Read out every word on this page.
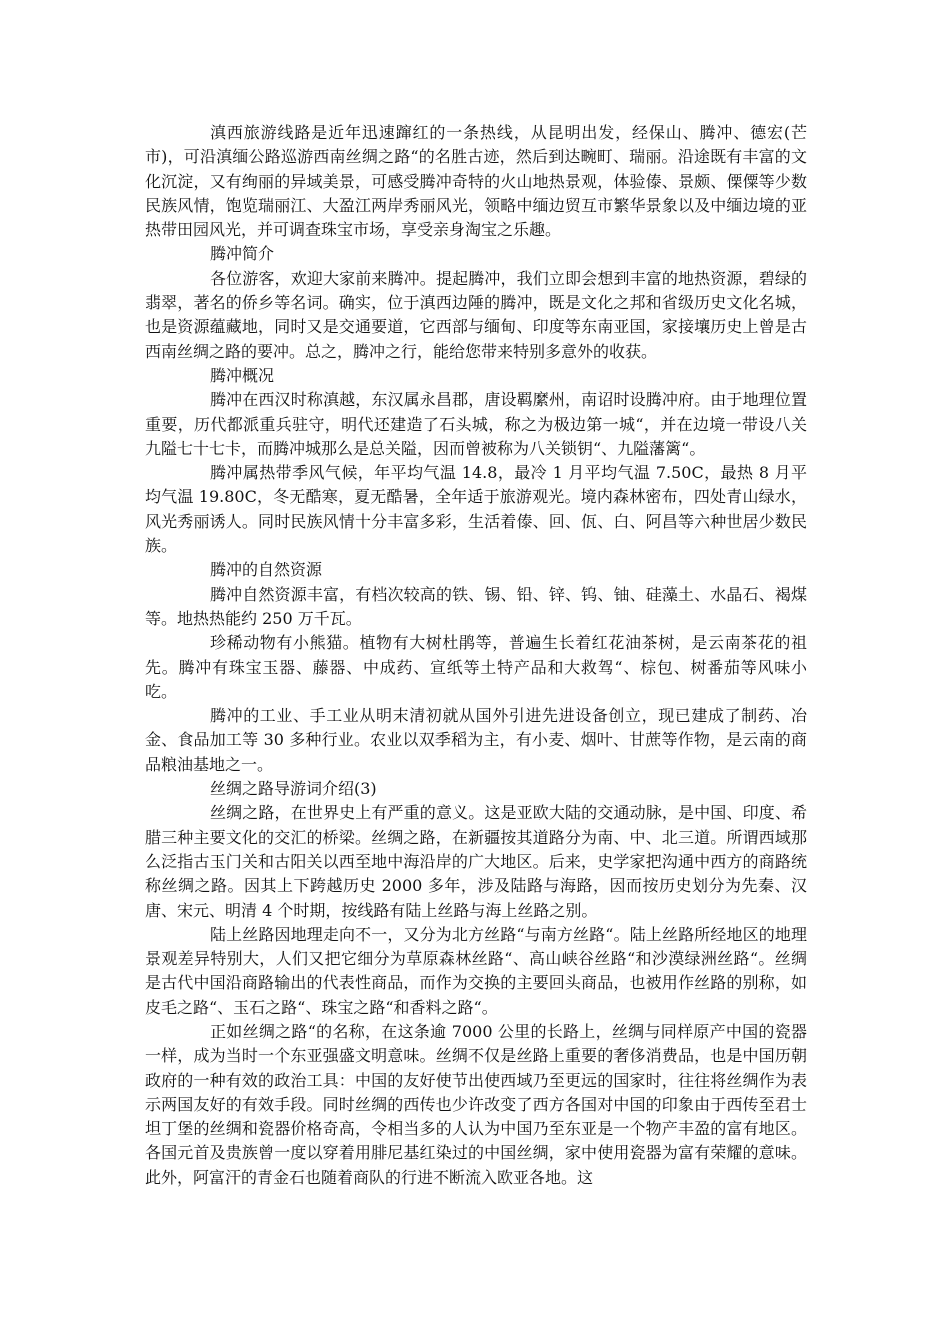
滇西旅游线路是近年迅速蹿红的一条热线，从昆明出发，经保山、腾冲、德宏(芒市)，可沿滇缅公路巡游西南丝绸之路“的名胜古迹，然后到达畹町、瑞丽。沿途既有丰富的文化沉淀，又有绚丽的异域美景，可感受腾冲奇特的火山地热景观，体验傣、景颇、傈僳等少数民族风情，饱览瑞丽江、大盈江两岸秀丽风光，领略中缅边贸互市繁华景象以及中缅边境的亚热带田园风光，并可调查珠宝市场，享受亲身淘宝之乐趣。

腾冲简介

各位游客，欢迎大家前来腾冲。提起腾冲，我们立即会想到丰富的地热资源，碧绿的翡翠，著名的侨乡等名词。确实，位于滇西边陲的腾冲，既是文化之邦和省级历史文化名城，也是资源蕴藏地，同时又是交通要道，它西部与缅甸、印度等东南亚国，家接壤历史上曾是古西南丝绸之路的要冲。总之，腾冲之行，能给您带来特别多意外的收获。

腾冲概况

腾冲在西汉时称滇越，东汉属永昌郡，唐设羁縻州，南诏时设腾冲府。由于地理位置重要，历代都派重兵驻守，明代还建造了石头城，称之为极边第一城“，并在边境一带设八关九隘七十七卡，而腾冲城那么是总关隘，因而曾被称为八关锁钥“、九隘藩篱“。

腾冲属热带季风气候，年平均气温 14.8，最冷 1 月平均气温 7.50C，最热 8 月平均气温 19.80C，冬无酷寒，夏无酷暑，全年适于旅游观光。境内森林密布，四处青山绿水，风光秀丽诱人。同时民族风情十分丰富多彩，生活着傣、回、佤、白、阿昌等六种世居少数民族。

腾冲的自然资源

腾冲自然资源丰富，有档次较高的铁、锡、铅、锌、钨、铀、硅藻土、水晶石、褐煤等。地热热能约 250 万千瓦。

珍稀动物有小熊猫。植物有大树杜鹃等，普遍生长着红花油茶树，是云南茶花的祖先。腾冲有珠宝玉器、藤器、中成药、宣纸等土特产品和大救驾“、棕包、树番茄等风味小吃。

腾冲的工业、手工业从明末清初就从国外引进先进设备创立，现已建成了制药、冶金、食品加工等 30 多种行业。农业以双季稻为主，有小麦、烟叶、甘蔗等作物，是云南的商品粮油基地之一。

丝绸之路导游词介绍(3)

丝绸之路，在世界史上有严重的意义。这是亚欧大陆的交通动脉，是中国、印度、希腊三种主要文化的交汇的桥梁。丝绸之路，在新疆按其道路分为南、中、北三道。所谓西域那么泛指古玉门关和古阳关以西至地中海沿岸的广大地区。后来，史学家把沟通中西方的商路统称丝绸之路。因其上下跨越历史 2000 多年，涉及陆路与海路，因而按历史划分为先秦、汉唐、宋元、明清 4 个时期，按线路有陆上丝路与海上丝路之别。

陆上丝路因地理走向不一，又分为北方丝路“与南方丝路“。陆上丝路所经地区的地理景观差异特别大，人们又把它细分为草原森林丝路“、高山峡谷丝路“和沙漠绿洲丝路“。丝绸是古代中国沿商路输出的代表性商品，而作为交换的主要回头商品，也被用作丝路的别称，如皮毛之路“、玉石之路“、珠宝之路“和香料之路“。

正如丝绸之路“的名称，在这条逾 7000 公里的长路上，丝绸与同样原产中国的瓷器一样，成为当时一个东亚强盛文明意味。丝绸不仅是丝路上重要的奢侈消费品，也是中国历朝政府的一种有效的政治工具：中国的友好使节出使西域乃至更远的国家时，往往将丝绸作为表示两国友好的有效手段。同时丝绸的西传也少许改变了西方各国对中国的印象由于西传至君士坦丁堡的丝绸和瓷器价格奇高，令相当多的人认为中国乃至东亚是一个物产丰盈的富有地区。各国元首及贵族曾一度以穿着用腓尼基红染过的中国丝绸，家中使用瓷器为富有荣耀的意味。此外，阿富汗的青金石也随着商队的行进不断流入欧亚各地。这
